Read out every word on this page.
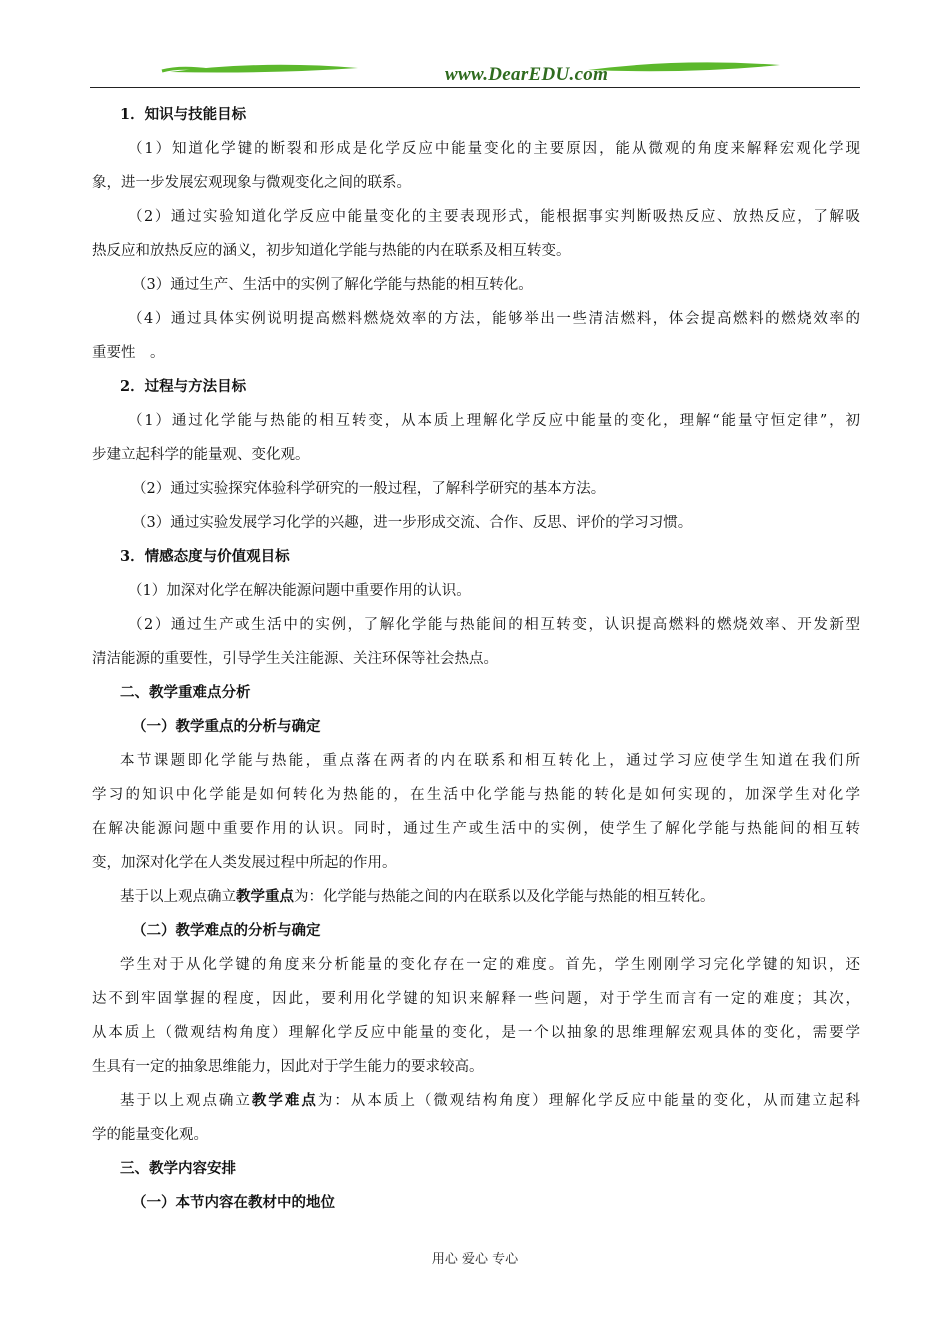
www.DearEDU.com
1．知识与技能目标
（1）知道化学键的断裂和形成是化学反应中能量变化的主要原因，能从微观的角度来解释宏观化学现
象，进一步发展宏观现象与微观变化之间的联系。
（2）通过实验知道化学反应中能量变化的主要表现形式，能根据事实判断吸热反应、放热反应，了解吸
热反应和放热反应的涵义，初步知道化学能与热能的内在联系及相互转变。
（3）通过生产、生活中的实例了解化学能与热能的相互转化。
（4）通过具体实例说明提高燃料燃烧效率的方法，能够举出一些清洁燃料，体会提高燃料的燃烧效率的
重要性　。
2．过程与方法目标
（1）通过化学能与热能的相互转变，从本质上理解化学反应中能量的变化，理解“能量守恒定律”，初
步建立起科学的能量观、变化观。
（2）通过实验探究体验科学研究的一般过程，了解科学研究的基本方法。
（3）通过实验发展学习化学的兴趣，进一步形成交流、合作、反思、评价的学习习惯。
3．情感态度与价值观目标
（1）加深对化学在解决能源问题中重要作用的认识。
（2）通过生产或生活中的实例，了解化学能与热能间的相互转变，认识提高燃料的燃烧效率、开发新型
清洁能源的重要性，引导学生关注能源、关注环保等社会热点。
二、教学重难点分析
（一）教学重点的分析与确定
本节课题即化学能与热能，重点落在两者的内在联系和相互转化上，通过学习应使学生知道在我们所
学习的知识中化学能是如何转化为热能的，在生活中化学能与热能的转化是如何实现的，加深学生对化学
在解决能源问题中重要作用的认识。同时，通过生产或生活中的实例，使学生了解化学能与热能间的相互转
变，加深对化学在人类发展过程中所起的作用。
基于以上观点确立教学重点为：化学能与热能之间的内在联系以及化学能与热能的相互转化。
（二）教学难点的分析与确定
学生对于从化学键的角度来分析能量的变化存在一定的难度。首先，学生刚刚学习完化学键的知识，还
达不到牢固掌握的程度，因此，要利用化学键的知识来解释一些问题，对于学生而言有一定的难度；其次，
从本质上（微观结构角度）理解化学反应中能量的变化，是一个以抽象的思维理解宏观具体的变化，需要学
生具有一定的抽象思维能力，因此对于学生能力的要求较高。
基于以上观点确立教学难点为：从本质上（微观结构角度）理解化学反应中能量的变化，从而建立起科
学的能量变化观。
三、教学内容安排
（一）本节内容在教材中的地位
用心 爱心 专心
